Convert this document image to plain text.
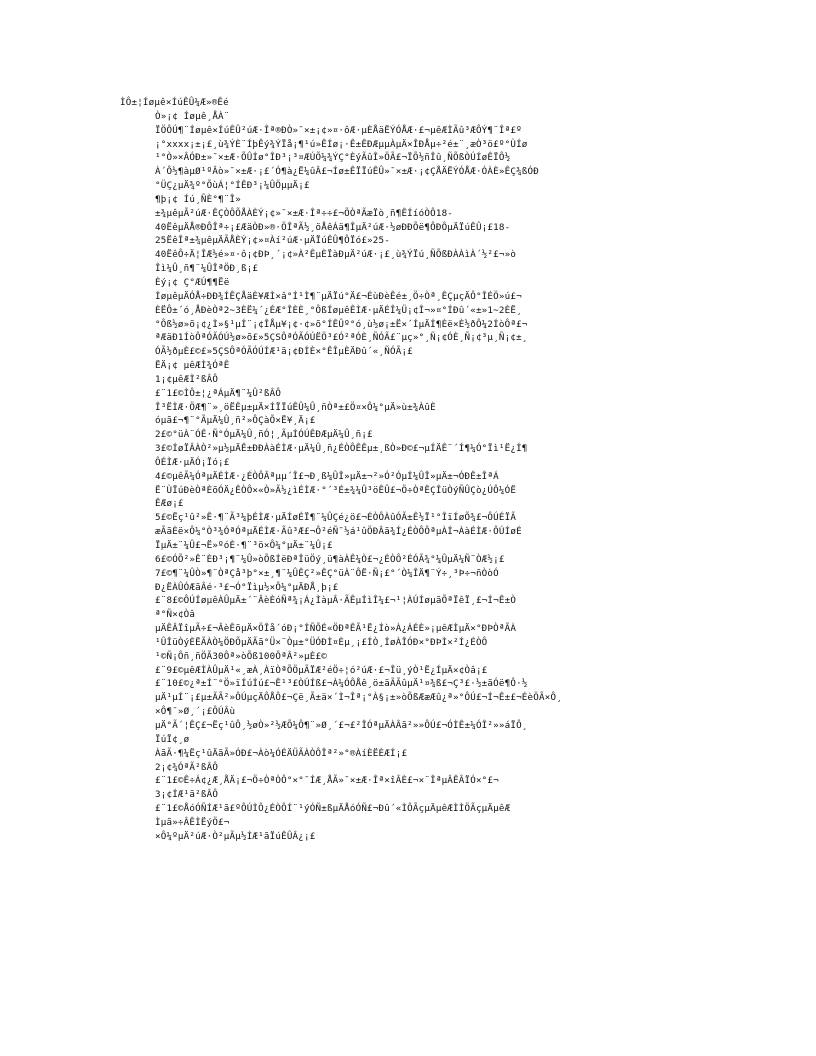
ÌÔ±¦Íøµê×ÍúÊÛ¼Æ»®Êé
Ò»¡¢ Íøµê¸ÅÀ¨
ÏÖÔÚ¶¨Íøµê×ÍúÊÛ²úÆ·Îª®ÐÒ»¯×±¡¢»¤·ôÆ·µÈÅäËÝÓÅÆ·£¬µêÆÌÃû³ÆÔÝ¶¨Îª£º
¡°xxxx¡±¡£¸ù¾ÝÈ¨ÍþÊý¾ÝÏå¡¶¹ú»ÊÍø¡·Ê±ÊÐÆµµÀµÄ×ÎÐÅµ÷²é±¨¸æÒ³ö£º°ÙÍø
¹°Ò»×ÂÓÐ±»¯×±Æ·ÕÛÍø°ÎÐ³¡³¤ÆÚÕ¼¾ÝÇ°ÈýÃûÎ»ÖÃ£¬ÏÕ½ñÎû¸ÑÕßÒÚÍøÊÏÔ½
À´Ô½¶àµØ¹ºÂò»¯×±Æ·¡£´Ó¶à¿Ë¼ûÂ£¬Íø±ÊÏÏúÊÛ»¯×±Æ·¡¢ÇÅÄËÝÓÅÆ·ÓÀÈ»ÊÇ¾ßÓÐ
°ÜÇ¿µÄ¾º°ÕùÁ¦°ÍÊÐ³¡¼ÛÖµµÄ¡£
¶þ¡¢ Íú¸ÑÈ°¶¨Î»
±¾µêµÃ²úÆ·ÊÇÒÔÕÅÀÈÝ¡¢»¯×±Æ·Îª÷÷£¬ÕÒªÃæÏò¸ñ¶ÊÍíóÒÔ18-
40ËêµÄÅ®ÐÔÎª÷¡£ÆäÒÐ»®·ÖÎªÃ½¸öÅêÁä¶ÎµÄ²úÆ·½øÐÐÕë¶ÔÐÔµÄÏúÊÛ¡£18-
25ËêÎª±¾µêµÄÃÅÈÝ¡¢»¤Àí²úÆ·µÄÏúÊÛ¶ÔÏó£»25-
40ËêÔ÷Ä¦ÎÆ½é»¤·ô¡¢ÐÞ¸´¡¢»À²ÊµÈÏàÐµÄ²úÆ·¡£¸ù¾ÝÏú¸ÑÕßÐÀÀìÀ´½²£¬»ò
Îì¼Û¸ñ¶¨¼ÛÎªÖÐ¸ß¡£
Èý¡¢ Ç°ÆÚ¶¶Ëë
ÍøµêµÄÓÅ÷ÐÐ¾ÍÊÇÅäÈ¥ÆÌ×â°Í¹Ì¶¨µÄÏú°Ä£¬ÉùÐèÊé±¸Ö÷Òª¸ÊÇµçÄÔ°ÎÉÖ»ú£¬
ÈËÔ±´ó¸ÅÐèÒª2~3ÈË¼´¿ÉÆ°ÎÈÈ¸°ÔßÍøµêÊÌÆ·µÄÉÎ¼Ü¡¢Î¬»¤°ÍÐû´«±»1~2ÈË¸
°Ôß½ø»õ¡¢¿Ì»§¹µÍ¨¡¢ÎÅµ¥¡¢·¢»õ°ÍÊÛº°ó¸ù½ø¡±Ë×´ÍµÄÍ¶Èë×È½ðÔ¼2ÍòÔª£¬
ªÆäÐ1ÍòÔªÓÃÓÚ½ø»õ£»5ÇSÔªÓÃÓÚËÖ³£Ó²ªÓÈ¸ÑÓÃ£¨µç»°¸Ñ¡¢ÓÈ¸Ñ¡¢³µ¸Ñ¡¢±¸
ÓÃ½ðµÈ£©£»5ÇSÔªÓÃÓÚÍÆ¹ã¡¢ÐÍÈ×°ÊÎµÈÄÐû´«¸ÑÓÃ¡£
ËÄ¡¢ µêÆÌ¾ÓªÊ
1¡¢µêÆÌ²ßÂÔ
£¨1£©ÌÔ±¦¿ªÁµÄ¶¨¼Û²ßÂÔ
Î³ËÌÆ·ÖÆ¶¨»¸öËÊµ±µÄ×ÍÏÏúÊÛ¼Û¸ñÒª±£Ö¤×Ô¼°µÄ»ù±¾ÀûÈ
óµã£¬¶¨°ÃµÄ¼Û¸ñ²»ÔÇàÕ×Ë¥¸Ä¡£
2£©°üÀ¨ÓÊ·Ñ°ÓµÄ¼Û¸ñÓ¦¸ÃµÍÓÚÊÐÆµÄ¼Û¸ñ¡£
3£©ÍøÏÂÀÒ²»µ½µÄÊ±ÐÐÀàÉÌÆ·µÄ¼Û¸ñ¿ÉÒÔÊÊµ±¸ßÒ»Ð©£¬µÍÄÊ¨´Í¶¼Ó°Ïì¹Ë¿Í¶
ÔÉÌÆ·µÄÓ¡Ïó¡£
4£©µêÃ¼ÓªµÄÉÌÆ·¿ÉÒÔÂªµµ´Î£¬Ð¸ß¼ÛÎ»µÄ±¬²»Ó²ÓµÍ¼ÛÎ»µÄ±¬ÓÐÊ±ÎªÁ
Ë¨ÙÏúÐèÒªÈõÓÄ¿ÊÒÔ×«Ò»Ã½¿ìÉÌÆ·°´³É±¾¼Û³öÊÛ£¬Ö÷ÒªÊÇÎüÒýÑÛÇò¿ÚÔ¼ÓË
ÊÆø¡£
5£©Ëç¹û²»Ê·¶¨Ã³¼þÉÌÆ·µÄÍøÉÏ¶¨¼ÛÇé¿ö£¬ÉÒÔÀûÓÃ±Ê½Ï¹°ÎïÍøÕ¾£¬ÔÚÉÏÃ
æÃãÈë×Ô¼°Ò³¾ÓªÓªµÄÉÌÆ·Ãû³Æ£¬Ô²éÑ¯½á¹ûÖÐÂã¾Í¿ÉÒÔÔªµÀÍ¬ÀàÉÌÆ·ÔÚÍøÉ
ÏµÄ±¨¼Û£¬Ë»ºóÈ·¶¨³ö×Ô¼°µÄ±¨¼Û¡£
6£©ÓÕ²»Ê¨ÈÐ³¡¶¨¼Û»òÕßÍëÐªÎüÖý¸ü¶àÀÊ¼Ò£¬¿ÉÒÔ²ÉÓÃ¾°¼ÛµÄ¼Ñ¨ÒÆ½¡£
7£©¶¨¼ÛÒ»¶¨ÒªÇå³þ°×±¸¶¨¼ÛÊÇ²»ÊÇ°üÀ¨ÔË·Ñ¡£°´Ò¼ÎÄ¶¨Ý÷¸³Þ÷¬ñÒòÓ
Ð¿ËÀÛÓÆãÂé·³£¬Ó°Ïìµ½×Ô¼°µÄÐÅ¸þ¡£
£¨8£©ÔÚÍøµêÀÛµÄ±´¨ÂèÈóÑª¾¡Á¿ÌàµÂ·ÃÊµÍìÎ¼£¬¹¦ÀÚÍøµãÕªÏêÏ¸£¬Í¬Ê±Ò
ª°Ñ×¢Òâ
µÄÊÂÏîµÃ÷£¬ÂèÊõµÄ×ÖÎå´óÐ¡°ÍÑÕÉ«ÖÐªÊÃ¹Ë¿Íò»À¿ÁÉÈ»¡µêÆÌµÄ×°ÐÞÒªÃÀ
¹ÛÎüÒýÈËÃÀÒ¼ÖÐÕµÄÃã°Ü×¨Òµ±°ÜÓÐÌ¤Èµ¸¡£ÍÒ¸ÍøÀÎÓÐ×°ÐÞÌ×²Í¿ÉÒÔ
¹©Ñ¡Ôñ¸ñÖÃ30Ôª»òÕß100ÔªÂ²»µÈ£©
£¨9£©µêÆÌÀÛµÄ¹«¸æÀ¸ÀïÒªÕÖµÃÏÆ²éÖ÷¦ó²úÆ·£¬Îü¸ýÒ¹Ë¿ÍµÄ×¢Òâ¡£
£¨10£©¿ª±Í¨°Ö»ïÍúÍú£¬Ê¹³£ÒÚÍß£¬À¼ÓÔÅê¸ö±ãÃÃûµÄ¹¤¾ß£¬Ç³£·½±ãÓë¶Ô·½
µÄ¹µÍ¨¡£µ±ÃÃ²»ÔÚµçÄÔÅÔ£¬Çë¸Ã±ä×´Ì¬Îª¡°À§¡±»òÕßÆæÆû¿ª»°ÔÚ£¬Í¬Ê±£¬ÉèÖÃ×Ô¸
×Ô¶¯»Ø¸´¡£ÔÚÂù
µÄ°Ã´¦ÊÇ£¬Ëç¹ûÔ¸½øÒ»²½ÆÕ¼Ô¶¨»Ø¸´£¬£²ÎÓªµÄÀÂã²»»ÔÚ£¬ÓÌÊ±¼ÓÎ²»»áÏÔ¸
ÏúÏ¢¸ø
ÀãÃ·¶¼Ëç¹ûÄãÃ»ÓÐ£¬Àò¼ÓÉÄÜÃÀÒÔÎª²»°®ÀíÈËÈÆÍ¡£
2¡¢¾ÓªÃ²ßÂÔ
£¨1£©Ê÷Á¢¿Æ¸ÅÄ¡£¬Ö÷ÒªÒÔ°×°¯ÍÆ¸ÅÃ»¯×±Æ·Îª×îÂÈ£¬×¨ÎªµÂÊÂÏÓ×°£¬
3¡¢ÍÆ¹ã²ßÂÔ
£¨1£©ÅóÓÑÍÆ¹ã£ºÔÚÌÔ¿ÉÒÔÍ¨¹ýÓÑ±ßµÄÅóÓÑ£¬Ðû´«ÌÔÃçµÄµêÆÌÌÖÃçµÄµêÆ
Ìµã»÷ÂÊÌËýÖ£¬
×Ô¼ºµÄ²úÆ·Ò²µÃµ½ÍÆ¹ãÏúÊÛÂ¿¡£
